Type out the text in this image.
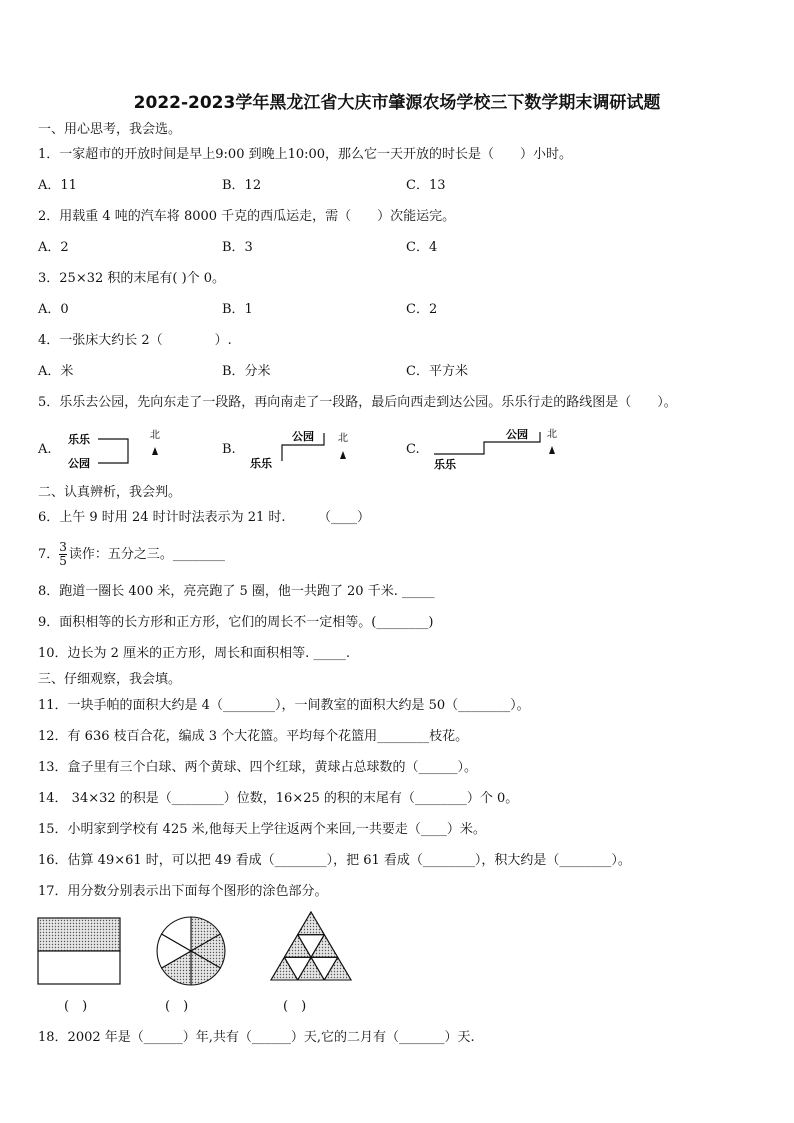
2022-2023学年黑龙江省大庆市肇源农场学校三下数学期末调研试题
一、用心思考，我会选。
1．一家超市的开放时间是早上9:00 到晚上10:00，那么它一天开放的时长是（　　）小时。
A．11	B．12	C．13
2．用载重 4 吨的汽车将 8000 千克的西瓜运走，需（　　）次能运完。
A．2	B．3	C．4
3．25×32 积的末尾有( )个 0。
A．0	B．1	C．2
4．一张床大约长 2（　　　　）.
A．米	B．分米	C．平方米
5．乐乐去公园，先向东走了一段路，再向南走了一段路，最后向西走到达公园。乐乐行走的路线图是（　　）。
A.
乐乐
公园
北
B.
公园
乐乐
北
C.
公园
乐乐
北
二、认真辨析，我会判。
6．上午 9 时用 24 时计时法表示为 21 时.　　　（____）
7． $\frac{3}{5}$ 读作：五分之三。________
8．跑道一圈长 400 米，亮亮跑了 5 圈，他一共跑了 20 千米. _____
9．面积相等的长方形和正方形，它们的周长不一定相等。(________)
10．边长为 2 厘米的正方形，周长和面积相等. _____.
三、仔细观察，我会填。
11．一块手帕的面积大约是 4（________），一间教室的面积大约是 50（________）。
12．有 636 枝百合花，编成 3 个大花篮。平均每个花篮用________枝花。
13．盒子里有三个白球、两个黄球、四个红球，黄球占总球数的（______）。
14． 34×32 的积是（________）位数，16×25 的积的末尾有（________）个 0。
15．小明家到学校有 425 米,他每天上学往返两个来回,一共要走（____）米。
16．估算 49×61 时，可以把 49 看成（________），把 61 看成（________），积大约是（________）。
17．用分数分别表示出下面每个图形的涂色部分。
(　)	(　)	(　)
18．2002 年是（______）年,共有（______）天,它的二月有（_______）天.
